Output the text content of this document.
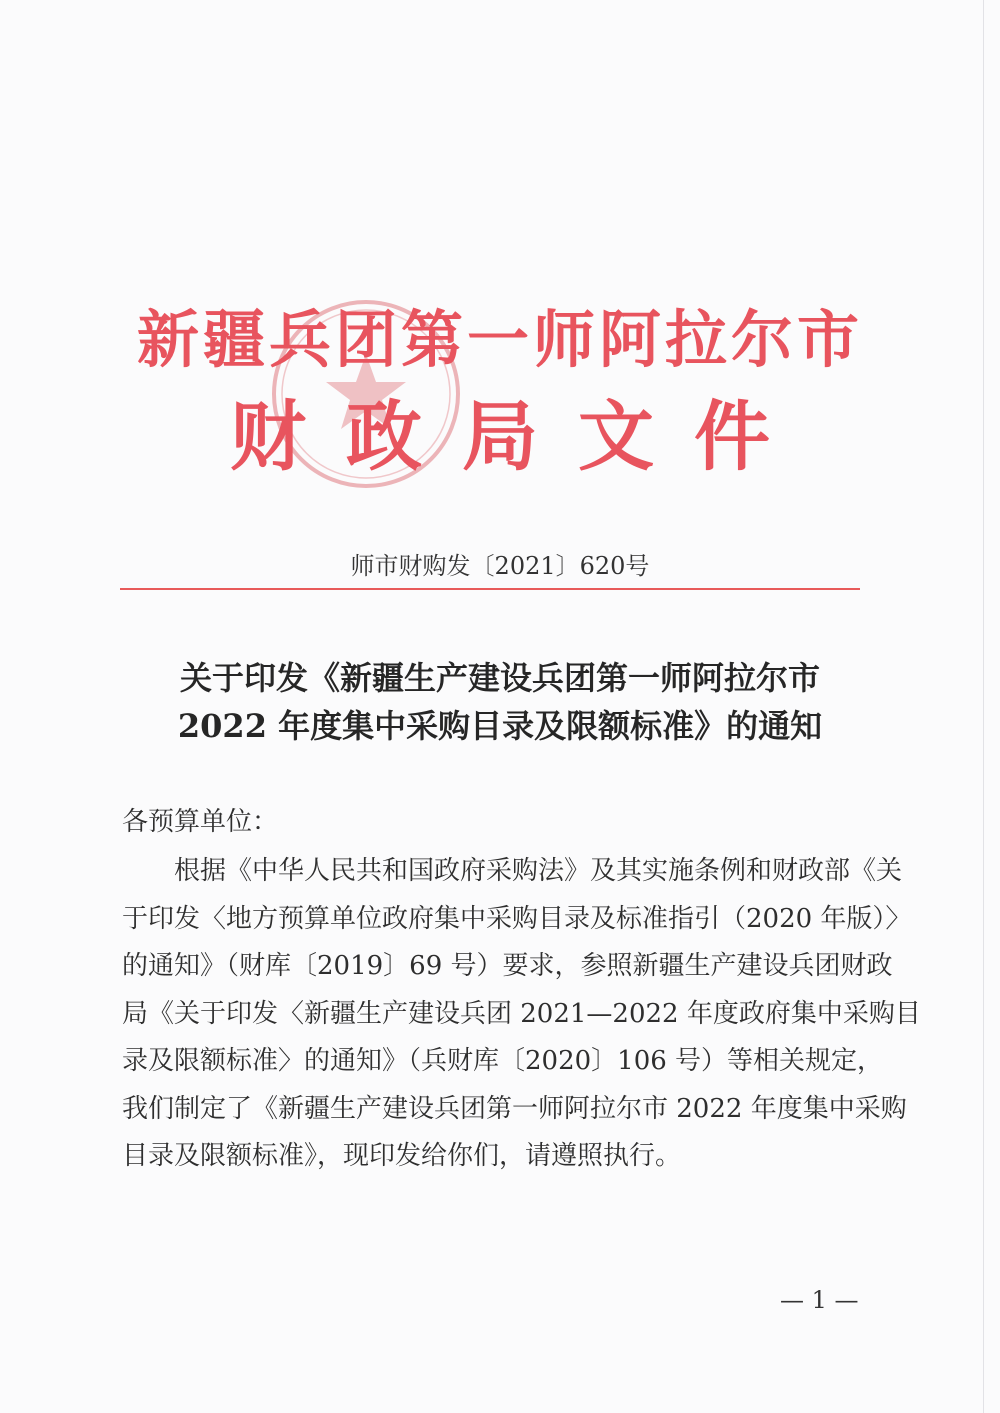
新疆兵团第一师阿拉尔市
财政局文件
师市财购发〔2021〕620号
关于印发《新疆生产建设兵团第一师阿拉尔市
2022 年度集中采购目录及限额标准》的通知
各预算单位：
根据《中华人民共和国政府采购法》及其实施条例和财政部《关
于印发〈地方预算单位政府集中采购目录及标准指引（2020 年版）〉
的通知》（财库〔2019〕69 号）要求，参照新疆生产建设兵团财政
局《关于印发〈新疆生产建设兵团 2021—2022 年度政府集中采购目
录及限额标准〉的通知》（兵财库〔2020〕106 号）等相关规定，
我们制定了《新疆生产建设兵团第一师阿拉尔市 2022 年度集中采购
目录及限额标准》，现印发给你们，请遵照执行。
— 1 —
